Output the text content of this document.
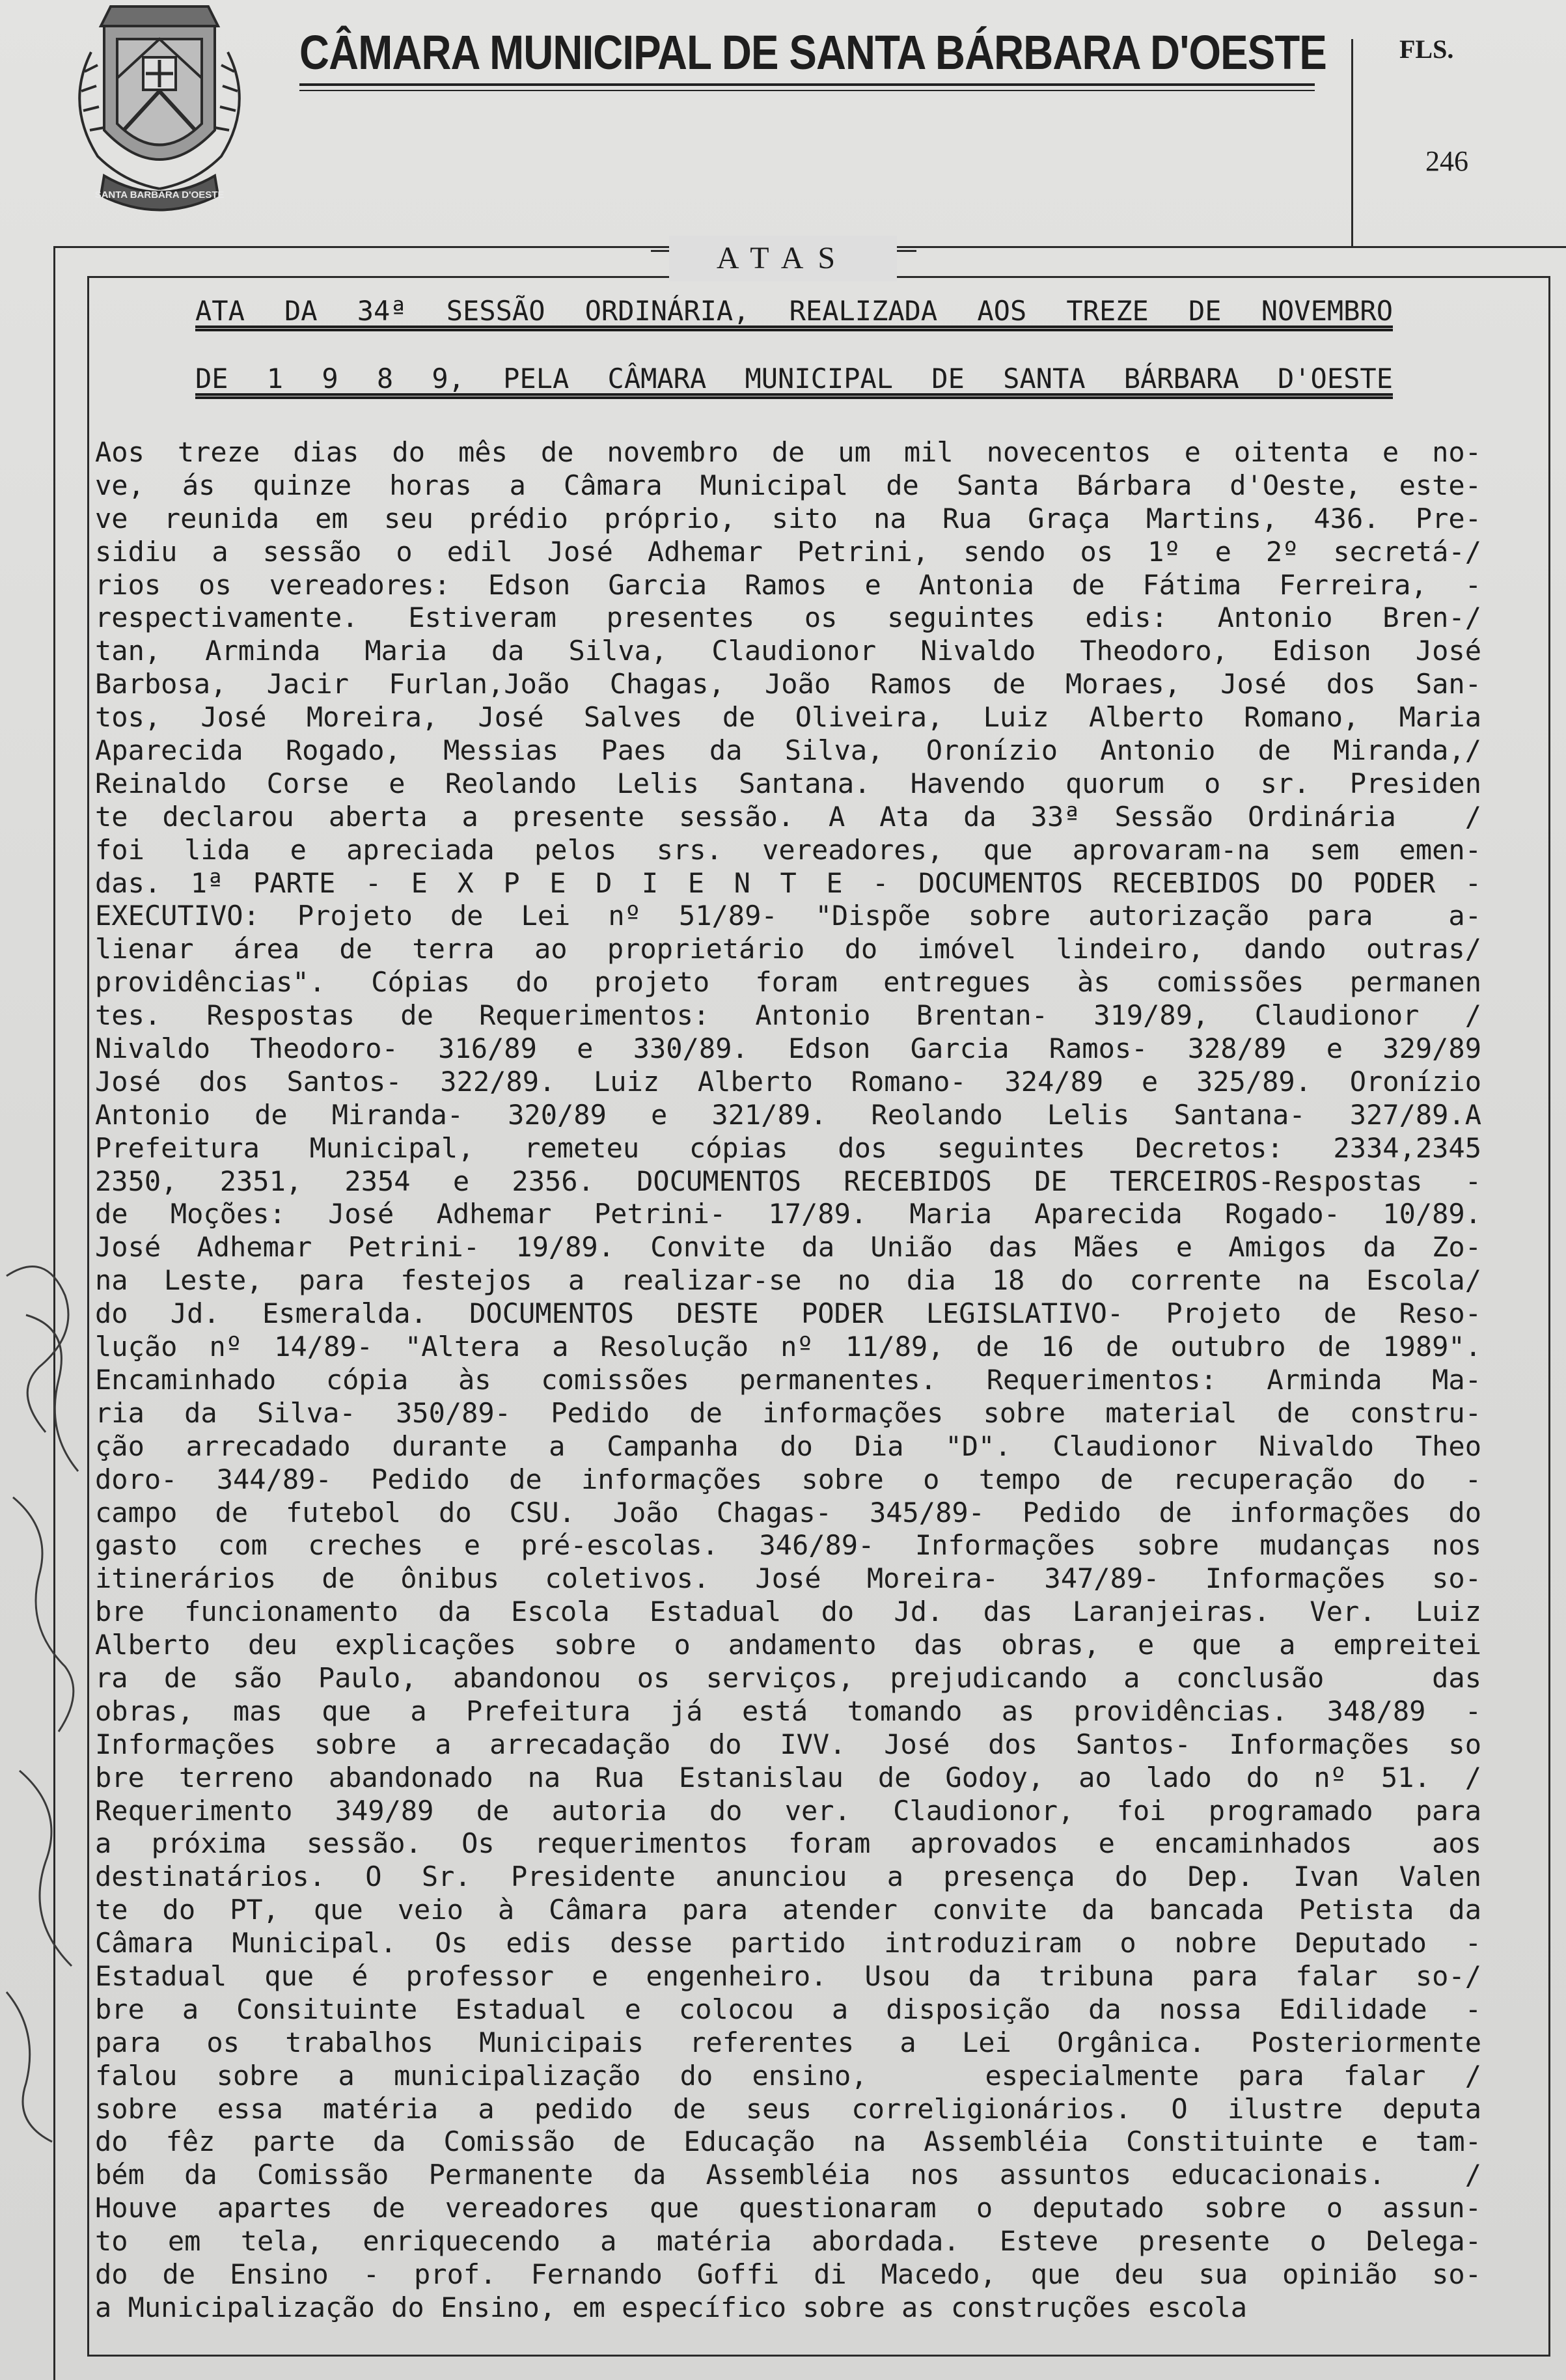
SANTA BARBARA D'OESTE
CÂMARA MUNICIPAL DE SANTA BÁRBARA D'OESTE	FLS.
246
ATAS
ATA DA 34ª SESSÃO ORDINÁRIA, REALIZADA AOS TREZE DE NOVEMBRO
DE 1 9 8 9, PELA CÂMARA MUNICIPAL DE SANTA BÁRBARA D'OESTE
Aos treze dias do mês de novembro de um mil novecentos e oitenta e no-
ve, ás quinze horas a Câmara Municipal de Santa Bárbara d'Oeste, este-
ve reunida em seu prédio próprio, sito na Rua Graça Martins, 436. Pre-
sidiu a sessão o edil José Adhemar Petrini, sendo os 1º e 2º secretá-/
rios os vereadores: Edson Garcia Ramos e Antonia de Fátima Ferreira, -
respectivamente. Estiveram presentes os seguintes edis: Antonio Bren-/
tan, Arminda Maria da Silva, Claudionor Nivaldo Theodoro, Edison José
Barbosa, Jacir Furlan,João Chagas, João Ramos de Moraes, José dos San-
tos, José Moreira, José Salves de Oliveira, Luiz Alberto Romano, Maria
Aparecida Rogado, Messias Paes da Silva, Oronízio Antonio de Miranda,/
Reinaldo Corse e Reolando Lelis Santana. Havendo quorum o sr. Presiden
te declarou aberta a presente sessão. A Ata da 33ª Sessão Ordinária  /
foi lida e apreciada pelos srs. vereadores, que aprovaram-na sem emen-
das. 1ª PARTE - E X P E D I E N T E - DOCUMENTOS RECEBIDOS DO PODER -
EXECUTIVO: Projeto de Lei nº 51/89- "Dispõe sobre autorização para  a-
lienar área de terra ao proprietário do imóvel lindeiro, dando outras/
providências". Cópias do projeto foram entregues às comissões permanen
tes. Respostas de Requerimentos: Antonio Brentan- 319/89, Claudionor /
Nivaldo Theodoro- 316/89 e 330/89. Edson Garcia Ramos- 328/89 e 329/89
José dos Santos- 322/89. Luiz Alberto Romano- 324/89 e 325/89. Oronízio
Antonio de Miranda- 320/89 e 321/89. Reolando Lelis Santana- 327/89.A
Prefeitura Municipal, remeteu cópias dos seguintes Decretos: 2334,2345
2350, 2351, 2354 e 2356. DOCUMENTOS RECEBIDOS DE TERCEIROS-Respostas -
de Moções: José Adhemar Petrini- 17/89. Maria Aparecida Rogado- 10/89.
José Adhemar Petrini- 19/89. Convite da União das Mães e Amigos da Zo-
na Leste, para festejos a realizar-se no dia 18 do corrente na Escola/
do Jd. Esmeralda. DOCUMENTOS DESTE PODER LEGISLATIVO- Projeto de Reso-
lução nº 14/89- "Altera a Resolução nº 11/89, de 16 de outubro de 1989".
Encaminhado cópia às comissões permanentes. Requerimentos: Arminda Ma-
ria da Silva- 350/89- Pedido de informações sobre material de constru-
ção arrecadado durante a Campanha do Dia "D". Claudionor Nivaldo Theo
doro- 344/89- Pedido de informações sobre o tempo de recuperação do -
campo de futebol do CSU. João Chagas- 345/89- Pedido de informações do
gasto com creches e pré-escolas. 346/89- Informações sobre mudanças nos
itinerários de ônibus coletivos. José Moreira- 347/89- Informações so-
bre funcionamento da Escola Estadual do Jd. das Laranjeiras. Ver. Luiz
Alberto deu explicações sobre o andamento das obras, e que a empreitei
ra de são Paulo, abandonou os serviços, prejudicando a conclusão   das
obras, mas que a Prefeitura já está tomando as providências. 348/89 -
Informações sobre a arrecadação do IVV. José dos Santos- Informações so
bre terreno abandonado na Rua Estanislau de Godoy, ao lado do nº 51. /
Requerimento 349/89 de autoria do ver. Claudionor, foi programado para
a próxima sessão. Os requerimentos foram aprovados e encaminhados  aos
destinatários. O Sr. Presidente anunciou a presença do Dep. Ivan Valen
te do PT, que veio à Câmara para atender convite da bancada Petista da
Câmara Municipal. Os edis desse partido introduziram o nobre Deputado -
Estadual que é professor e engenheiro. Usou da tribuna para falar so-/
bre a Consituinte Estadual e colocou a disposição da nossa Edilidade -
para os trabalhos Municipais referentes a Lei Orgânica. Posteriormente
falou sobre a municipalização do ensino,   especialmente para falar /
sobre essa matéria a pedido de seus correligionários. O ilustre deputa
do fêz parte da Comissão de Educação na Assembléia Constituinte e tam-
bém da Comissão Permanente da Assembléia nos assuntos educacionais.  /
Houve apartes de vereadores que questionaram o deputado sobre o assun-
to em tela, enriquecendo a matéria abordada. Esteve presente o Delega-
do de Ensino - prof. Fernando Goffi di Macedo, que deu sua opinião so-
a Municipalização do Ensino, em específico sobre as construções escola
